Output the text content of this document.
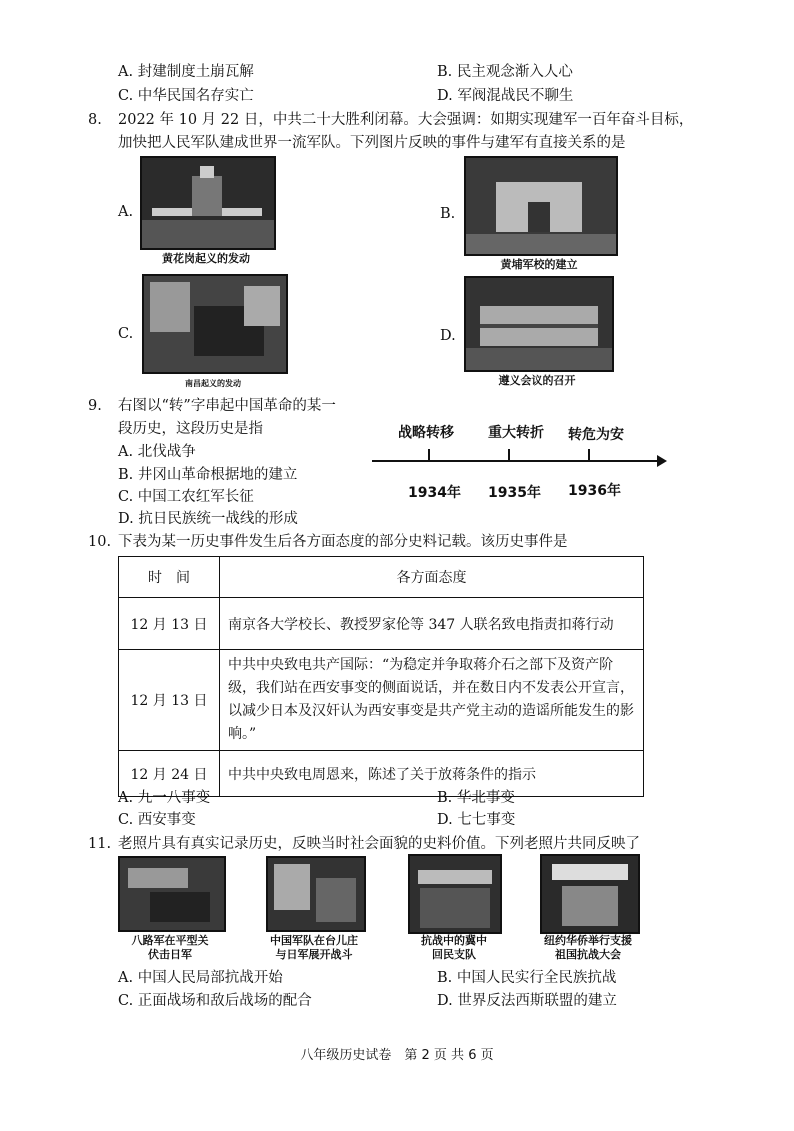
A. 封建制度土崩瓦解	B. 民主观念渐入人心
C. 中华民国名存实亡	D. 军阀混战民不聊生
8. 2022 年 10 月 22 日，中共二十大胜利闭幕。大会强调：如期实现建军一百年奋斗目标，
加快把人民军队建成世界一流军队。下列图片反映的事件与建军有直接关系的是
A.
黄花岗起义的发动
B.
黄埔军校的建立
C.
南昌起义的发动
D.
遵义会议的召开
9. 右图以“转”字串起中国革命的某一
段历史，这段历史是指
A. 北伐战争
B. 井冈山革命根据地的建立
C. 中国工农红军长征
D. 抗日民族统一战线的形成
战略转移 重大转折 转危为安
1934年 1935年 1936年
10. 下表为某一历史事件发生后各方面态度的部分史料记载。该历史事件是
时　间	各方面态度
12 月 13 日	南京各大学校长、教授罗家伦等 347 人联名致电指责扣蒋行动
12 月 13 日	中共中央致电共产国际：“为稳定并争取蒋介石之部下及资产阶级，我们站在西安事变的侧面说话，并在数日内不发表公开宣言，以减少日本及汉奸认为西安事变是共产党主动的造谣所能发生的影响。”
12 月 24 日	中共中央致电周恩来，陈述了关于放蒋条件的指示
A. 九一八事变	B. 华北事变
C. 西安事变	D. 七七事变
11. 老照片具有真实记录历史，反映当时社会面貌的史料价值。下列老照片共同反映了
八路军在平型关
伏击日军
中国军队在台儿庄
与日军展开战斗
抗战中的冀中
回民支队
纽约华侨举行支援
祖国抗战大会
A. 中国人民局部抗战开始	B. 中国人民实行全民族抗战
C. 正面战场和敌后战场的配合	D. 世界反法西斯联盟的建立
八年级历史试卷　第 2 页 共 6 页
